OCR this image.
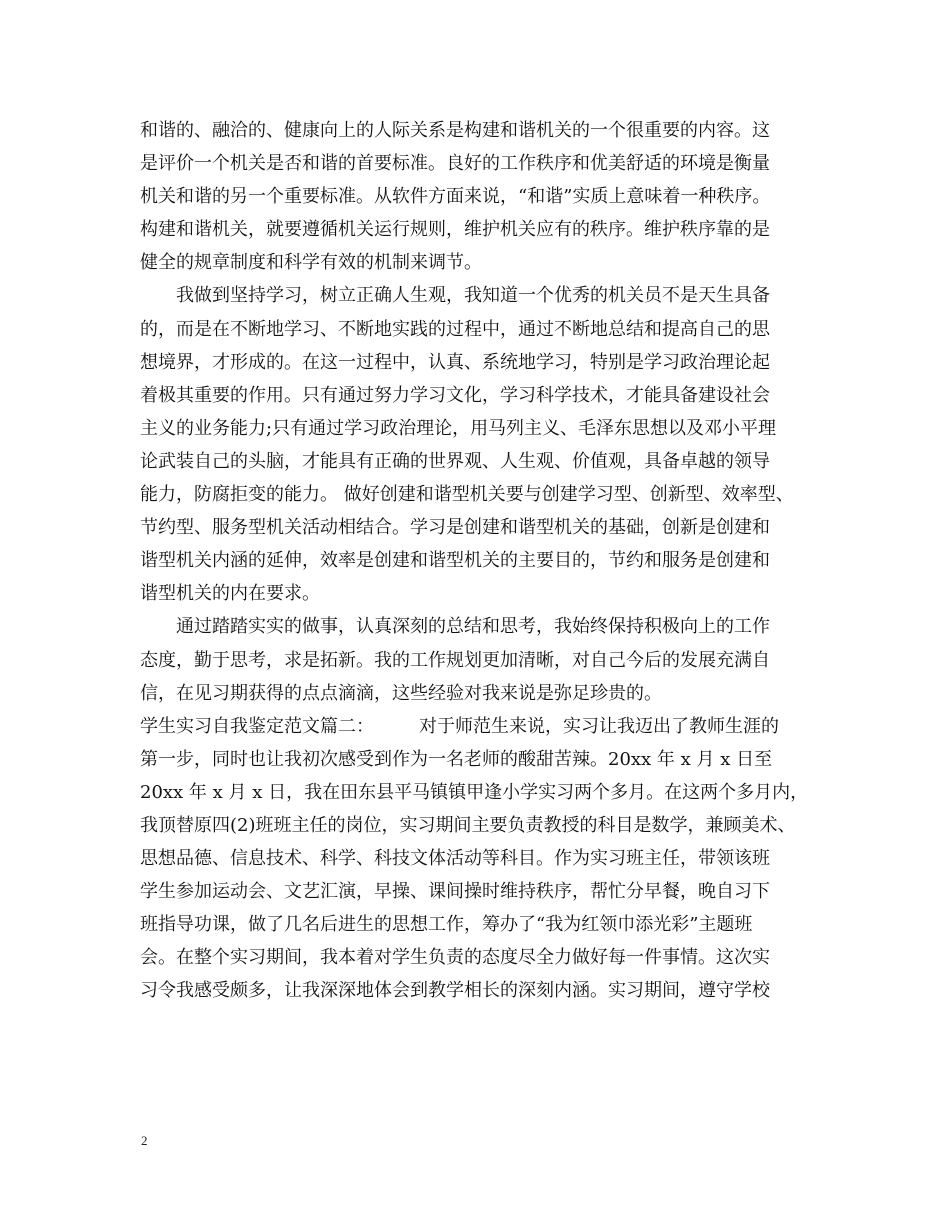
和谐的、融洽的、健康向上的人际关系是构建和谐机关的一个很重要的内容。这
是评价一个机关是否和谐的首要标准。良好的工作秩序和优美舒适的环境是衡量
机关和谐的另一个重要标准。从软件方面来说，“和谐”实质上意味着一种秩序。
构建和谐机关，就要遵循机关运行规则，维护机关应有的秩序。维护秩序靠的是
健全的规章制度和科学有效的机制来调节。
　　我做到坚持学习，树立正确人生观，我知道一个优秀的机关员不是天生具备
的，而是在不断地学习、不断地实践的过程中，通过不断地总结和提高自己的思
想境界，才形成的。在这一过程中，认真、系统地学习，特别是学习政治理论起
着极其重要的作用。只有通过努力学习文化，学习科学技术，才能具备建设社会
主义的业务能力;只有通过学习政治理论，用马列主义、毛泽东思想以及邓小平理
论武装自己的头脑，才能具有正确的世界观、人生观、价值观，具备卓越的领导
能力，防腐拒变的能力。 做好创建和谐型机关要与创建学习型、创新型、效率型、
节约型、服务型机关活动相结合。学习是创建和谐型机关的基础，创新是创建和
谐型机关内涵的延伸，效率是创建和谐型机关的主要目的，节约和服务是创建和
谐型机关的内在要求。
　　通过踏踏实实的做事，认真深刻的总结和思考，我始终保持积极向上的工作
态度，勤于思考，求是拓新。我的工作规划更加清晰，对自己今后的发展充满自
信，在见习期获得的点点滴滴，这些经验对我来说是弥足珍贵的。
学生实习自我鉴定范文篇二：　　　对于师范生来说，实习让我迈出了教师生涯的
第一步，同时也让我初次感受到作为一名老师的酸甜苦辣。20xx 年 x 月 x 日至
20xx 年 x 月 x 日，我在田东县平马镇镇甲逢小学实习两个多月。在这两个多月内，
我顶替原四(2)班班主任的岗位，实习期间主要负责教授的科目是数学，兼顾美术、
思想品德、信息技术、科学、科技文体活动等科目。作为实习班主任，带领该班
学生参加运动会、文艺汇演，早操、课间操时维持秩序，帮忙分早餐，晚自习下
班指导功课，做了几名后进生的思想工作，筹办了“我为红领巾添光彩”主题班
会。在整个实习期间，我本着对学生负责的态度尽全力做好每一件事情。这次实
习令我感受颇多，让我深深地体会到教学相长的深刻内涵。实习期间，遵守学校
2
